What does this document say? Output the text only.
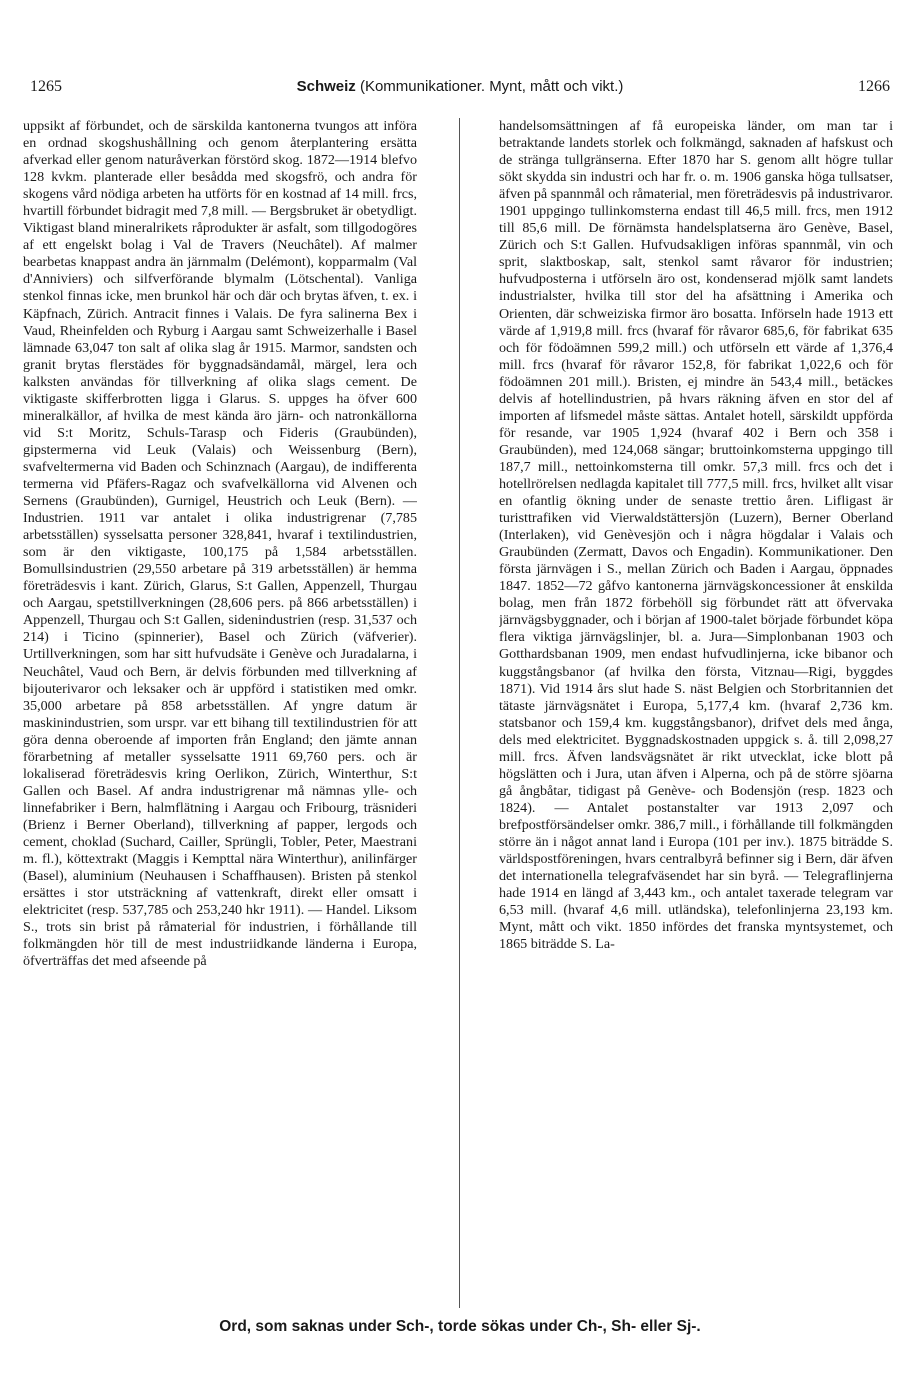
1265	Schweiz (Kommunikationer. Mynt, mått och vikt.)	1266

uppsikt af förbundet, och de särskilda kantonerna tvungos att införa en ordnad skogshushållning och genom återplantering ersätta afverkad eller genom naturåverkan förstörd skog. 1872—1914 blefvo 128 kvkm. planterade eller besådda med skogsfrö, och andra för skogens vård nödiga arbeten ha utförts för en kostnad af 14 mill. frcs, hvartill förbundet bidragit med 7,8 mill. — Bergsbruket är obetydligt. Viktigast bland mineralrikets råprodukter är asfalt, som tillgodogöres af ett engelskt bolag i Val de Travers (Neuchâtel). Af malmer bearbetas knappast andra än järnmalm (Delémont), kopparmalm (Val d'Anniviers) och silfverförande blymalm (Lötschental). Vanliga stenkol finnas icke, men brunkol här och där och brytas äfven, t. ex. i Käpfnach, Zürich. Antracit finnes i Valais. De fyra salinerna Bex i Vaud, Rheinfelden och Ryburg i Aargau samt Schweizerhalle i Basel lämnade 63,047 ton salt af olika slag år 1915. Marmor, sandsten och granit brytas flerstädes för byggnadsändamål, märgel, lera och kalksten användas för tillverkning af olika slags cement. De viktigaste skifferbrotten ligga i Glarus. S. uppges ha öfver 600 mineralkällor, af hvilka de mest kända äro järn- och natronkällorna vid S:t Moritz, Schuls-Tarasp och Fideris (Graubünden), gipstermerna vid Leuk (Valais) och Weissenburg (Bern), svafveltermerna vid Baden och Schinznach (Aargau), de indifferenta termerna vid Pfäfers-Ragaz och svafvelkällorna vid Alvenen och Sernens (Graubünden), Gurnigel, Heustrich och Leuk (Bern). — Industrien. 1911 var antalet i olika industrigrenar (7,785 arbetsställen) sysselsatta personer 328,841, hvaraf i textilindustrien, som är den viktigaste, 100,175 på 1,584 arbetsställen. Bomullsindustrien (29,550 arbetare på 319 arbetsställen) är hemma företrädesvis i kant. Zürich, Glarus, S:t Gallen, Appenzell, Thurgau och Aargau, spetstillverkningen (28,606 pers. på 866 arbetsställen) i Appenzell, Thurgau och S:t Gallen, sidenindustrien (resp. 31,537 och 214) i Ticino (spinnerier), Basel och Zürich (väfverier). Urtillverkningen, som har sitt hufvudsäte i Genève och Juradalarna, i Neuchâtel, Vaud och Bern, är delvis förbunden med tillverkning af bijouterivaror och leksaker och är uppförd i statistiken med omkr. 35,000 arbetare på 858 arbetsställen. Af yngre datum är maskinindustrien, som urspr. var ett bihang till textilindustrien för att göra denna oberoende af importen från England; den jämte annan förarbetning af metaller sysselsatte 1911 69,760 pers. och är lokaliserad företrädesvis kring Oerlikon, Zürich, Winterthur, S:t Gallen och Basel. Af andra industrigrenar må nämnas ylle- och linnefabriker i Bern, halmflätning i Aargau och Fribourg, träsniderі (Brienz i Berner Oberland), tillverkning af papper, lergods och cement, choklad (Suchard, Cailler, Sprüngli, Tobler, Peter, Maestrani m. fl.), köttextrakt (Maggis i Kempttal nära Winterthur), anilinfärger (Basel), aluminium (Neuhausen i Schaffhausen). Bristen på stenkol ersättes i stor utsträckning af vattenkraft, direkt eller omsatt i elektricitet (resp. 537,785 och 253,240 hkr 1911). — Handel. Liksom S., trots sin brist på råmaterial för industrien, i förhållande till folkmängden hör till de mest industriidkande länderna i Europa, öfverträffas det med afseende på

handelsomsättningen af få europeiska länder, om man tar i betraktande landets storlek och folkmängd, saknaden af hafskust och de stränga tullgränserna. Efter 1870 har S. genom allt högre tullar sökt skydda sin industri och har fr. o. m. 1906 ganska höga tullsatser, äfven på spannmål och råmaterial, men företrädesvis på industrivaror. 1901 uppgingo tullinkomsterna endast till 46,5 mill. frcs, men 1912 till 85,6 mill. De förnämsta handelsplatserna äro Genève, Basel, Zürich och S:t Gallen. Hufvudsakligen införas spannmål, vin och sprit, slaktboskap, salt, stenkol samt råvaror för industrien; hufvudposterna i utförseln äro ost, kondenserad mjölk samt landets industrialster, hvilka till stor del ha afsättning i Amerika och Orienten, där schweiziska firmor äro bosatta. Införseln hade 1913 ett värde af 1,919,8 mill. frcs (hvaraf för råvaror 685,6, för fabrikat 635 och för födoämnen 599,2 mill.) och utförseln ett värde af 1,376,4 mill. frcs (hvaraf för råvaror 152,8, för fabrikat 1,022,6 och för födoämnen 201 mill.). Bristen, ej mindre än 543,4 mill., betäckes delvis af hotellindustrien, på hvars räkning äfven en stor del af importen af lifsmedel måste sättas. Antalet hotell, särskildt uppförda för resande, var 1905 1,924 (hvaraf 402 i Bern och 358 i Graubünden), med 124,068 sängar; bruttoinkomsterna uppgingo till 187,7 mill., nettoinkomsterna till omkr. 57,3 mill. frcs och det i hotellrörelsen nedlagda kapitalet till 777,5 mill. frcs, hvilket allt visar en ofantlig ökning under de senaste trettio åren. Lifligast är turisttrafiken vid Vierwaldstättersjön (Luzern), Berner Oberland (Interlaken), vid Genèvesjön och i några högdalar i Valais och Graubünden (Zermatt, Davos och Engadin). Kommunikationer. Den första järnvägen i S., mellan Zürich och Baden i Aargau, öppnades 1847. 1852—72 gåfvo kantonerna järnvägskoncessioner åt enskilda bolag, men från 1872 förbehöll sig förbundet rätt att öfvervaka järnvägsbyggnader, och i början af 1900-talet började förbundet köpa flera viktiga järnvägslinjer, bl. a. Jura—Simplonbanan 1903 och Gotthardsbanan 1909, men endast hufvudlinjerna, icke bibanor och kuggstångsbanor (af hvilka den första, Vitznau—Rigi, byggdes 1871). Vid 1914 års slut hade S. näst Belgien och Storbritannien det tätaste järnvägsnätet i Europa, 5,177,4 km. (hvaraf 2,736 km. statsbanor och 159,4 km. kuggstångsbanor), drifvet dels med ånga, dels med elektricitet. Byggnadskostnaden uppgick s. å. till 2,098,27 mill. frcs. Äfven landsvägsnätet är rikt utvecklat, icke blott på högslätten och i Jura, utan äfven i Alperna, och på de större sjöarna gå ångbåtar, tidigast på Genève- och Bodensjön (resp. 1823 och 1824). — Antalet postanstalter var 1913 2,097 och brefpostförsändelser omkr. 386,7 mill., i förhållande till folkmängden större än i något annat land i Europa (101 per inv.). 1875 biträdde S. världspostföreningen, hvars centralbyrå befinner sig i Bern, där äfven det internationella telegrafväsendet har sin byrå. — Telegraflinjerna hade 1914 en längd af 3,443 km., och antalet taxerade telegram var 6,53 mill. (hvaraf 4,6 mill. utländska), telefonlinjerna 23,193 km. Mynt, mått och vikt. 1850 infördes det franska myntsystemet, och 1865 biträdde S. La-

Ord, som saknas under Sch-, torde sökas under Ch-, Sh- eller Sj-.
